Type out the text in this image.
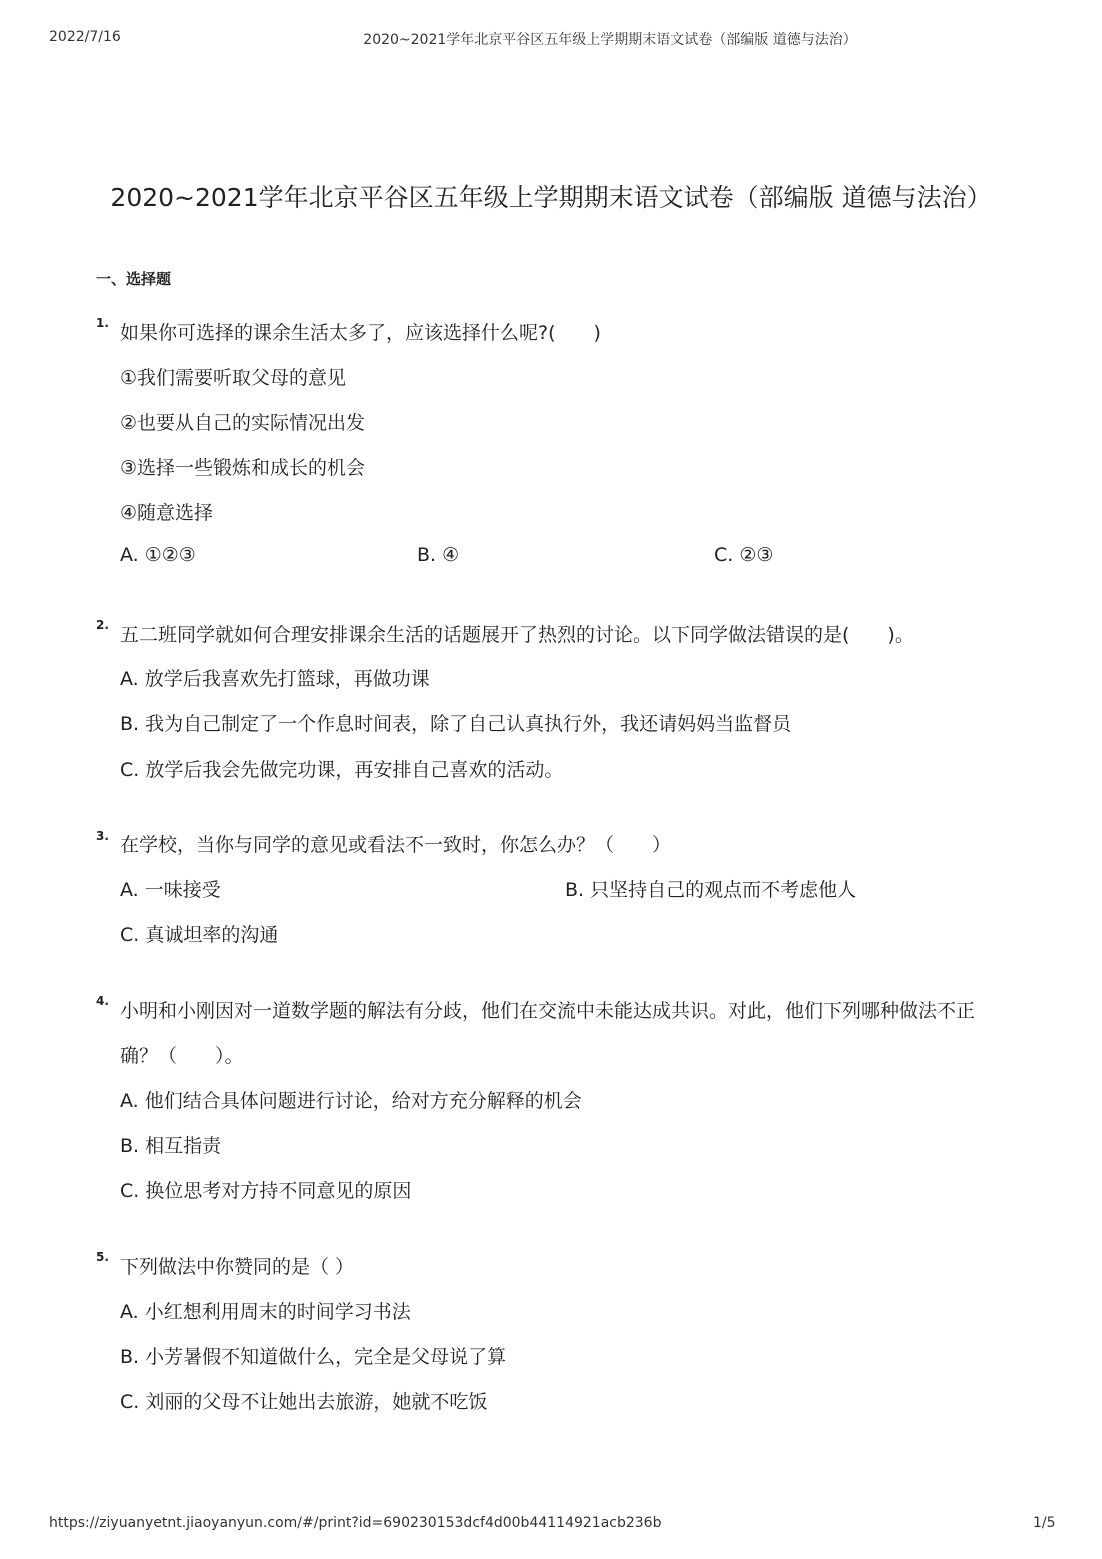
2022/7/16	2020~2021学年北京平谷区五年级上学期期末语文试卷（部编版 道德与法治）
2020~2021学年北京平谷区五年级上学期期末语文试卷（部编版 道德与法治）
一、选择题
1. 如果你可选择的课余生活太多了，应该选择什么呢?(　　)
①我们需要听取父母的意见
②也要从自己的实际情况出发
③选择一些锻炼和成长的机会
④随意选择
A. ①②③	B. ④	C. ②③
2. 五二班同学就如何合理安排课余生活的话题展开了热烈的讨论。以下同学做法错误的是(　　)。
A. 放学后我喜欢先打篮球，再做功课
B. 我为自己制定了一个作息时间表，除了自己认真执行外，我还请妈妈当监督员
C. 放学后我会先做完功课，再安排自己喜欢的活动。
3. 在学校，当你与同学的意见或看法不一致时，你怎么办？（　　）
A. 一味接受	B. 只坚持自己的观点而不考虑他人
C. 真诚坦率的沟通
4. 小明和小刚因对一道数学题的解法有分歧，他们在交流中未能达成共识。对此，他们下列哪种做法不正
确？（　　）。
A. 他们结合具体问题进行讨论，给对方充分解释的机会
B. 相互指责
C. 换位思考对方持不同意见的原因
5. 下列做法中你赞同的是（ ）
A. 小红想利用周末的时间学习书法
B. 小芳暑假不知道做什么，完全是父母说了算
C. 刘丽的父母不让她出去旅游，她就不吃饭
https://ziyuanyetnt.jiaoyanyun.com/#/print?id=690230153dcf4d00b44114921acb236b	1/5
